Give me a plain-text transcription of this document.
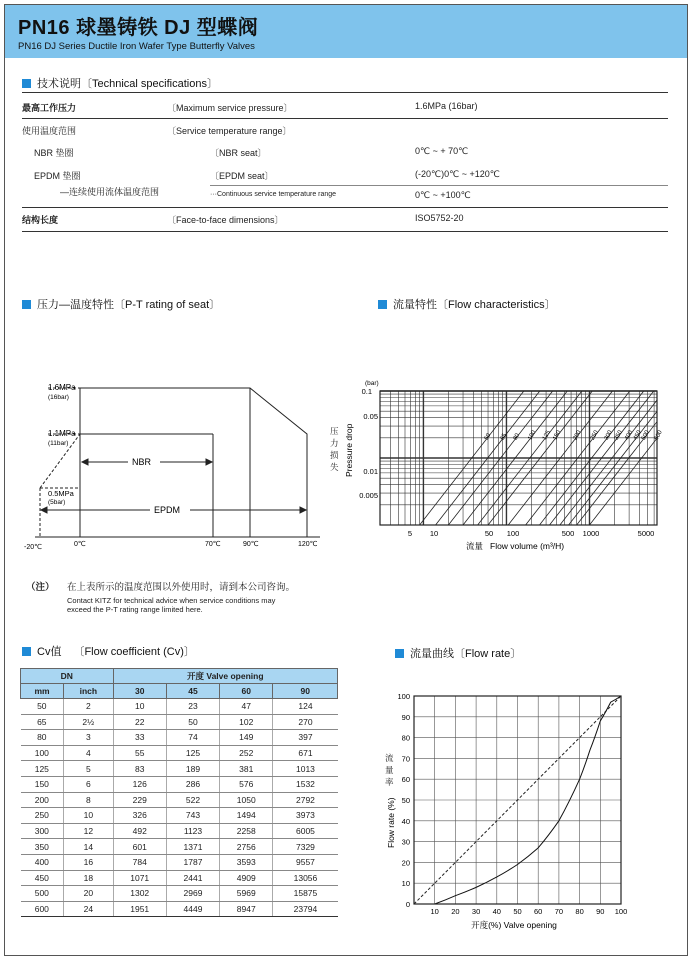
PN16 球墨铸铁 DJ 型蝶阀
PN16 DJ Series Ductile Iron Wafer Type Butterfly Valves
技术说明〔Technical specifications〕
最高工作压力	〔Maximum service pressure〕	1.6MPa (16bar)
使用温度范围	〔Service temperature range〕
NBR 垫圈	〔NBR seat〕	0℃ ~ + 70℃
EPDM 垫圈	〔EPDM seat〕	(-20℃)0℃ ~ +120℃
—连续使用流体温度范围	···Continuous service temperature range	0℃ ~ +100℃
结构长度	〔Face-to-face dimensions〕	ISO5752-20
压力—温度特性〔P-T rating of seat〕
1.6MPa
(16bar)
1.1MPa
(11bar)
0.5MPa
(5bar)
NBR
EPDM
-20℃	0℃	70℃	90℃	120℃
流量特性〔Flow characteristics〕
50 65 80 100 125 150 200 250 300 350 400
450
500 600
(bar)
0.1
0.05
0.01
0.005
5 10	50 100	500 1000	5000
流量 Flow volume (m³/H)
Pressure drop
压力损失
（注） 在上表所示的温度范围以外使用时，请到本公司咨询。
Contact KITZ for technical advice when service conditions may
exceed the P-T rating range limited here.
Cv值 〔Flow coefficient (Cv)〕
DN		开度 Valve opening			
mm	inch	30	45	60	90
50	2	10	23	47	124
65	2½	22	50	102	270
80	3	33	74	149	397
100	4	55	125	252	671
125	5	83	189	381	1013
150	6	126	286	576	1532
200	8	229	522	1050	2792
250	10	326	743	1494	3973
300	12	492	1123	2258	6005
350	14	601	1371	2756	7329
400	16	784	1787	3593	9557
450	18	1071	2441	4909	13056
500	20	1302	2969	5969	15875
600	24	1951	4449	8947	23794
流量曲线〔Flow rate〕
10 20 30 40 50 60 70 80 90 100
0
10
20
30
40
50
60
70
80
90
100
开度(%) Valve opening
Flow rate (%)
流量率
